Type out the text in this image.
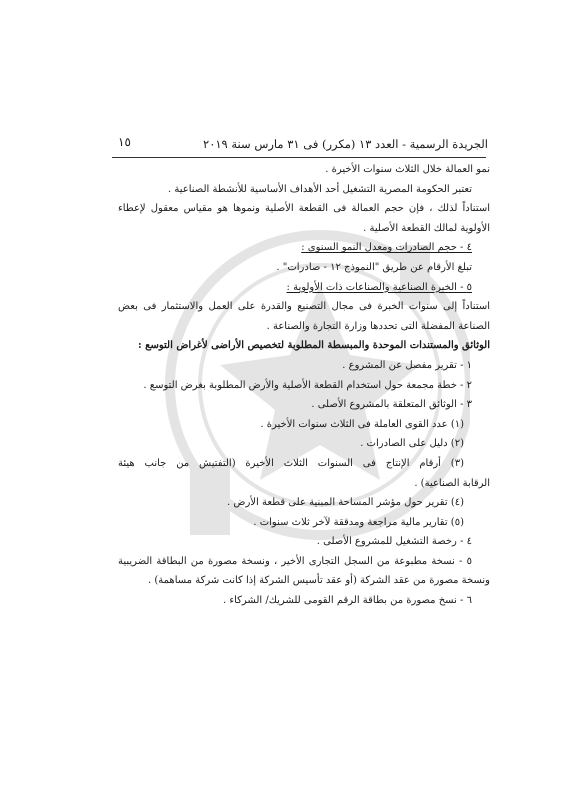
الجريدة الرسمية - العدد ١٣ (مكرر) فى ٣١ مارس سنة ٢٠١٩
١٥
نمو العمالة خلال الثلاث سنوات الأخيرة .
تعتبر الحكومة المصرية التشغيل أحد الأهداف الأساسية للأنشطة الصناعية .
استناداً لذلك ، فإن حجم العمالة فى القطعة الأصلية ونموها هو مقياس معقول لإعطاء
الأولوية لمالك القطعة الأصلية .
٤ - حجم الصادرات ومعدل النمو السنوى :
تبلغ الأرقام عن طريق "النموذج ١٢ - صادرات" .
٥ - الخبرة الصناعية والصناعات ذات الأولوية :
استناداً إلى سنوات الخبرة فى مجال التصنيع والقدرة على العمل والاستثمار فى بعض
الصناعة المفضلة التى تحددها وزارة التجارة والصناعة .
الوثائق والمستندات الموحدة والمبسطة المطلوبة لتخصيص الأراضى لأغراض التوسع :
١ - تقرير مفصل عن المشروع .
٢ - خطة مجمعة حول استخدام القطعة الأصلية والأرض المطلوبة بغرض التوسع .
٣ - الوثائق المتعلقة بالمشروع الأصلى .
(١) عدد القوى العاملة فى الثلاث سنوات الأخيرة .
(٢) دليل على الصادرات .
(٣) أرقام الإنتاج فى السنوات الثلاث الأخيرة (التفتيش من جانب هيئة
الرقابة الصناعية) .
(٤) تقرير حول مؤشر المساحة المبنية على قطعة الأرض .
(٥) تقارير مالية مراجعة ومدققة لآخر ثلاث سنوات .
٤ - رخصة التشغيل للمشروع الأصلى .
٥ - نسخة مطبوعة من السجل التجارى الأخير ، ونسخة مصورة من البطاقة الضريبية
ونسخة مصورة من عقد الشركة (أو عقد تأسيس الشركة إذا كانت شركة مساهمة) .
٦ - نسخ مصورة من بطاقة الرقم القومى للشريك/ الشركاء .
